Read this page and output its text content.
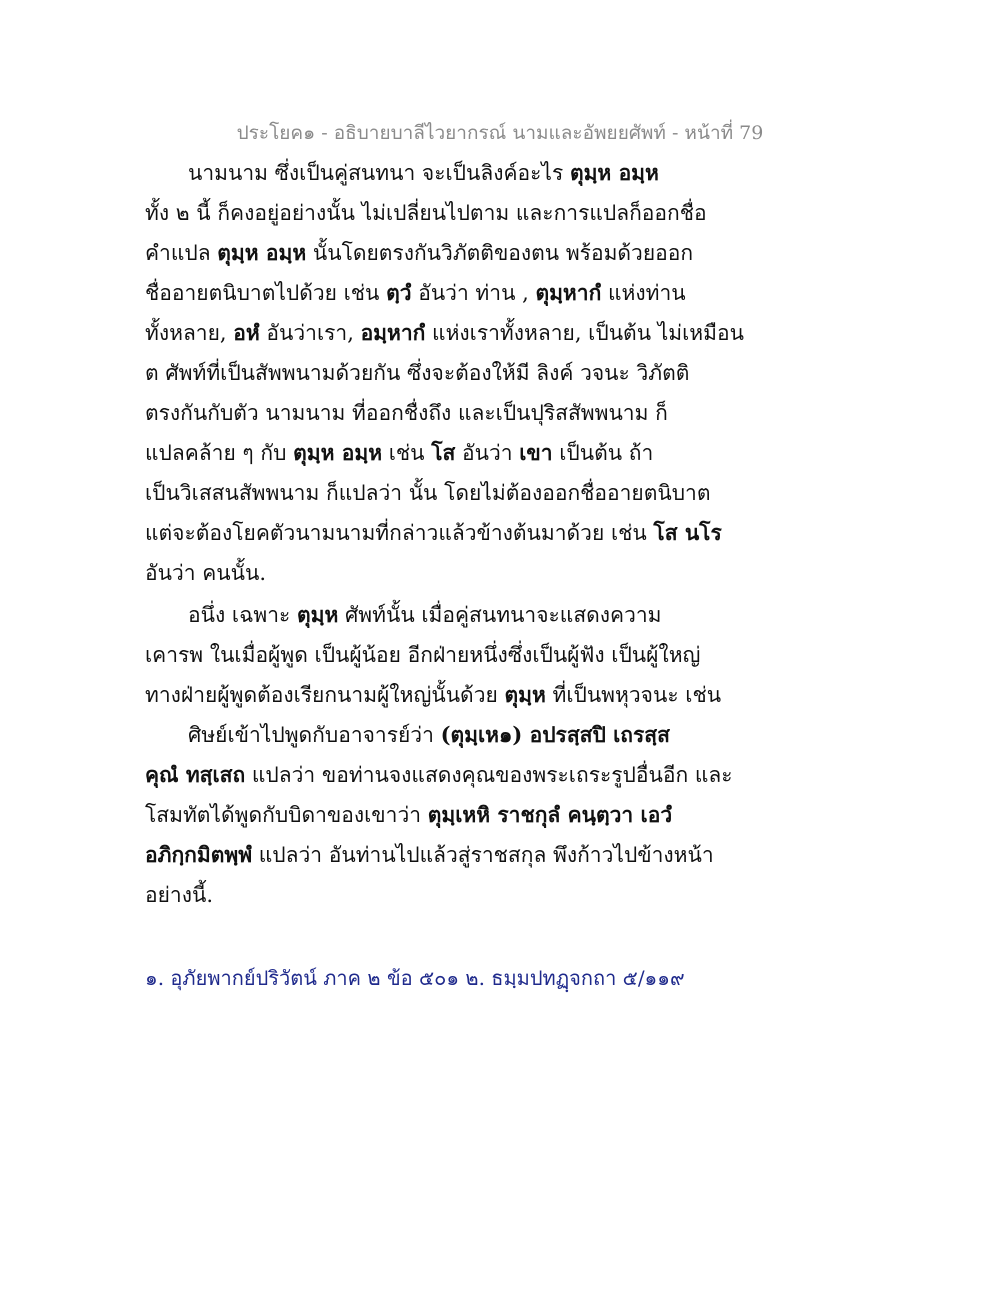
ประโยค๑ - อธิบายบาลีไวยากรณ์ นามและอัพยยศัพท์ - หน้าที่ 79
นามนาม ซึ่งเป็นคู่สนทนา จะเป็นลิงค์อะไร ตุมฺห อมฺห
ทั้ง ๒ นี้ ก็คงอยู่อย่างนั้น ไม่เปลี่ยนไปตาม และการแปลก็ออกชื่อ
คำแปล ตุมฺห อมฺห นั้นโดยตรงกันวิภัตติของตน พร้อมด้วยออก
ชื่ออายตนิบาตไปด้วย เช่น ตฺวํ อันว่า ท่าน , ตุมฺหากํ แห่งท่าน
ทั้งหลาย, อหํ อันว่าเรา, อมฺหากํ แห่งเราทั้งหลาย, เป็นต้น ไม่เหมือน
ต ศัพท์ที่เป็นสัพพนามด้วยกัน ซึ่งจะต้องให้มี ลิงค์ วจนะ วิภัตติ
ตรงกันกับตัว นามนาม ที่ออกชื่งถึง และเป็นปุริสสัพพนาม ก็
แปลคล้าย ๆ กับ ตุมฺห อมฺห เช่น โส อันว่า เขา เป็นต้น ถ้า
เป็นวิเสสนสัพพนาม ก็แปลว่า นั้น โดยไม่ต้องออกชื่ออายตนิบาต
แต่จะต้องโยคตัวนามนามที่กล่าวแล้วข้างต้นมาด้วย เช่น โส นโร
อันว่า คนนั้น.
อนึ่ง เฉพาะ ตุมฺห ศัพท์นั้น เมื่อคู่สนทนาจะแสดงความ
เคารพ ในเมื่อผู้พูด เป็นผู้น้อย อีกฝ่ายหนึ่งซึ่งเป็นผู้ฟัง เป็นผู้ใหญ่
ทางฝ่ายผู้พูดต้องเรียกนามผู้ใหญ่นั้นด้วย ตุมฺห ที่เป็นพหุวจนะ เช่น
ศิษย์เข้าไปพูดกับอาจารย์ว่า (ตุมฺเห๑) อปรสฺสปิ เถรสฺส
คุณํ ทสฺเสถ แปลว่า ขอท่านจงแสดงคุณของพระเถระรูปอื่นอีก และ
โสมทัตได้พูดกับบิดาของเขาว่า ตุมฺเหหิ ราชกุลํ คนฺตฺวา เอวํ
อภิกฺกมิตพฺพํ แปลว่า อันท่านไปแล้วสู่ราชสกุล พึงก้าวไปข้างหน้า
อย่างนี้.
๑. อุภัยพากย์ปริวัตน์ ภาค ๒ ข้อ ๕๐๑ ๒. ธมฺมปทฏฺจกถา ๕/๑๑๙
